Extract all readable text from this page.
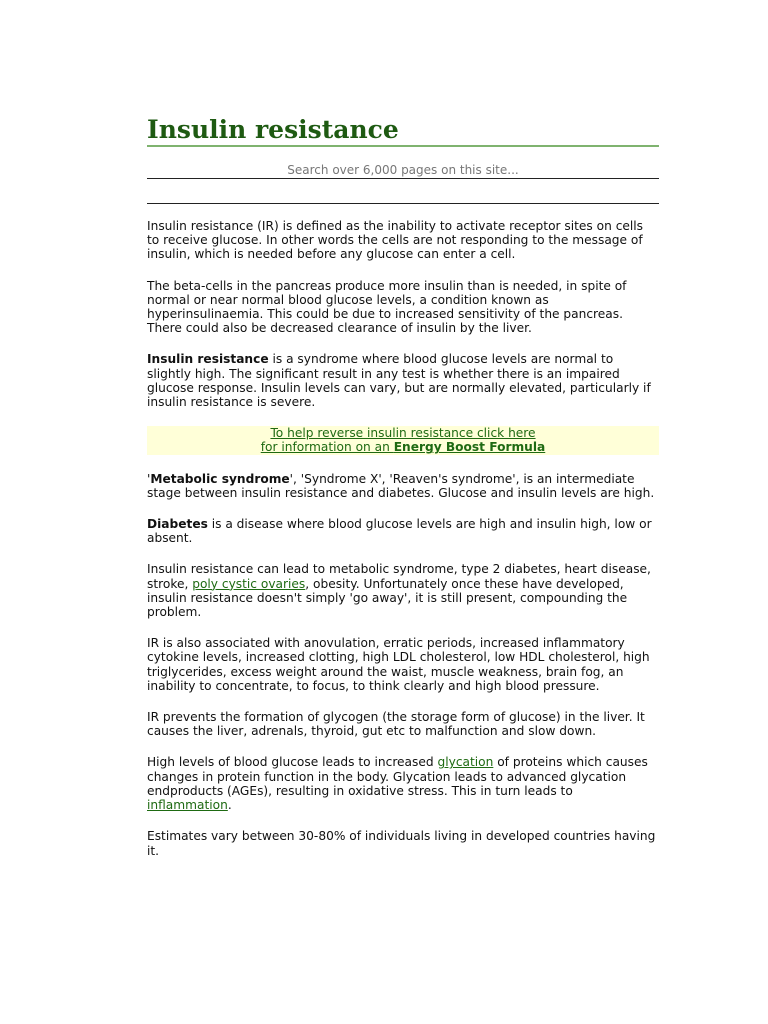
Insulin resistance
Search over 6,000 pages on this site...

Insulin resistance (IR) is defined as the inability to activate receptor sites on cells to receive glucose. In other words the cells are not responding to the message of insulin, which is needed before any glucose can enter a cell.

The beta-cells in the pancreas produce more insulin than is needed, in spite of normal or near normal blood glucose levels, a condition known as hyperinsulinaemia. This could be due to increased sensitivity of the pancreas. There could also be decreased clearance of insulin by the liver.

Insulin resistance is a syndrome where blood glucose levels are normal to slightly high. The significant result in any test is whether there is an impaired glucose response. Insulin levels can vary, but are normally elevated, particularly if insulin resistance is severe.

To help reverse insulin resistance click here
for information on an Energy Boost Formula

'Metabolic syndrome', 'Syndrome X', 'Reaven's syndrome', is an intermediate stage between insulin resistance and diabetes. Glucose and insulin levels are high.

Diabetes is a disease where blood glucose levels are high and insulin high, low or absent.

Insulin resistance can lead to metabolic syndrome, type 2 diabetes, heart disease, stroke, poly cystic ovaries, obesity. Unfortunately once these have developed, insulin resistance doesn't simply 'go away', it is still present, compounding the problem.

IR is also associated with anovulation, erratic periods, increased inflammatory cytokine levels, increased clotting, high LDL cholesterol, low HDL cholesterol, high triglycerides, excess weight around the waist, muscle weakness, brain fog, an inability to concentrate, to focus, to think clearly and high blood pressure.

IR prevents the formation of glycogen (the storage form of glucose) in the liver. It causes the liver, adrenals, thyroid, gut etc to malfunction and slow down.

High levels of blood glucose leads to increased glycation of proteins which causes changes in protein function in the body. Glycation leads to advanced glycation endproducts (AGEs), resulting in oxidative stress. This in turn leads to inflammation.

Estimates vary between 30-80% of individuals living in developed countries having it.
